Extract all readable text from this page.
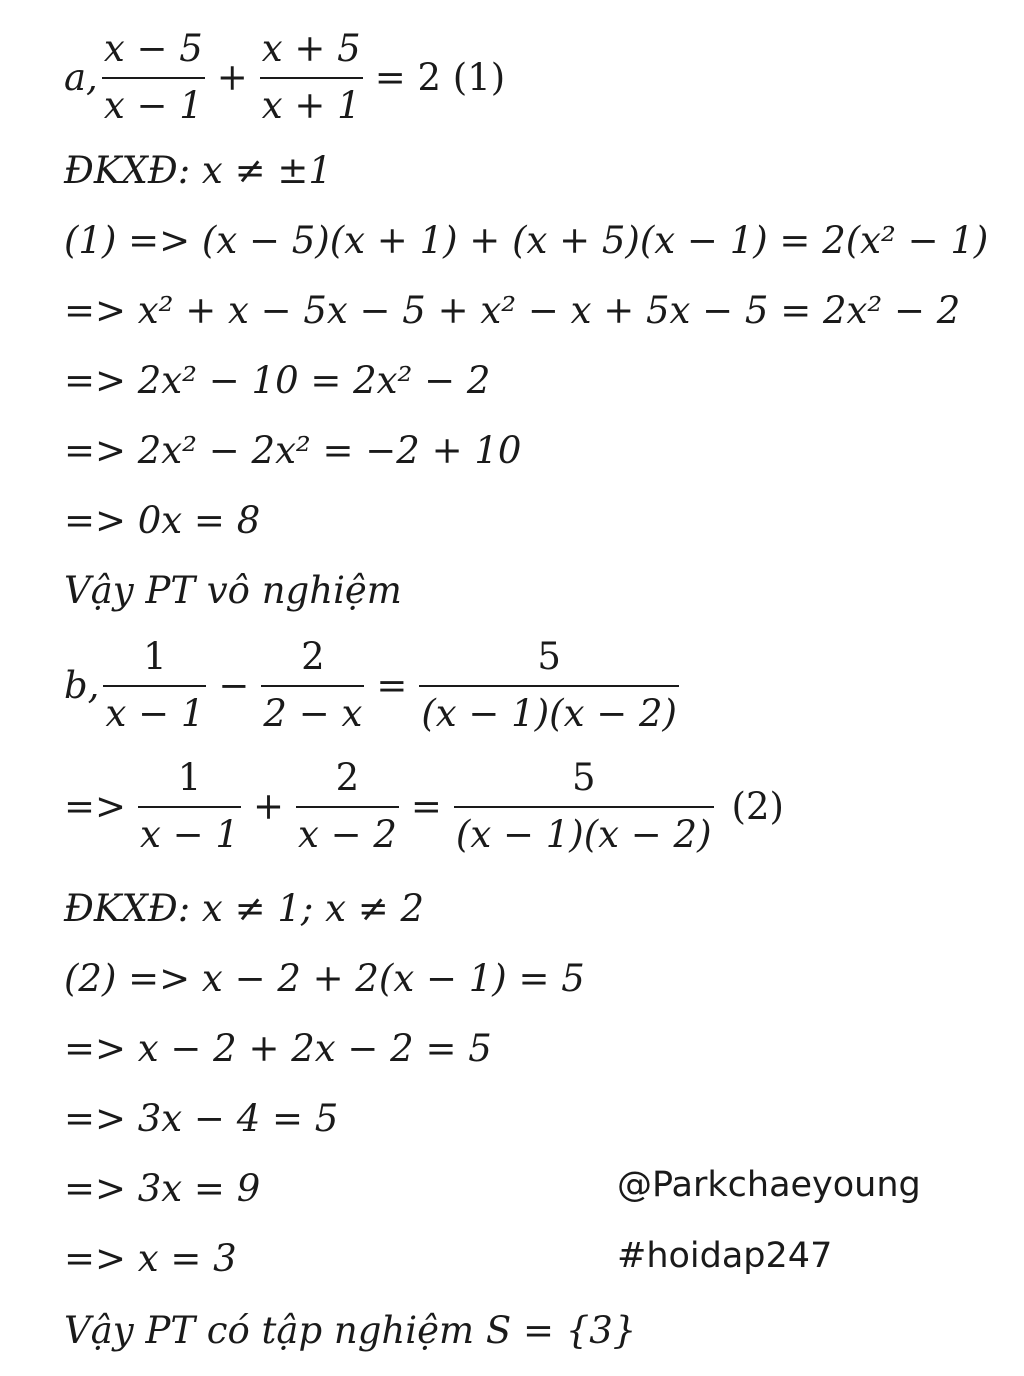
a, $\frac{x - 5}{x - 1} + \frac{x + 5}{x + 1} = 2$ (1)
ĐKXĐ: x ≠ ±1
(1) => (x − 5)(x + 1) + (x + 5)(x − 1) = 2(x² − 1)
=> x² + x − 5x − 5 + x² − x + 5x − 5 = 2x² − 2
=> 2x² − 10 = 2x² − 2
=> 2x² − 2x² = −2 + 10
=> 0x = 8
Vậy PT vô nghiệm
b, $\frac{1}{x - 1} - \frac{2}{2 - x} = \frac{5}{(x - 1)(x - 2)}$
=> $\frac{1}{x - 1} + \frac{2}{x - 2} = \frac{5}{(x - 1)(x - 2)} (2)$
ĐKXĐ: x ≠ 1; x ≠ 2
(2) => x − 2 + 2(x − 1) = 5
=> x − 2 + 2x − 2 = 5
=> 3x − 4 = 5
=> 3x = 9
=> x = 3
Vậy PT có tập nghiệm S = {3}
@Parkchaeyoung
#hoidap247
